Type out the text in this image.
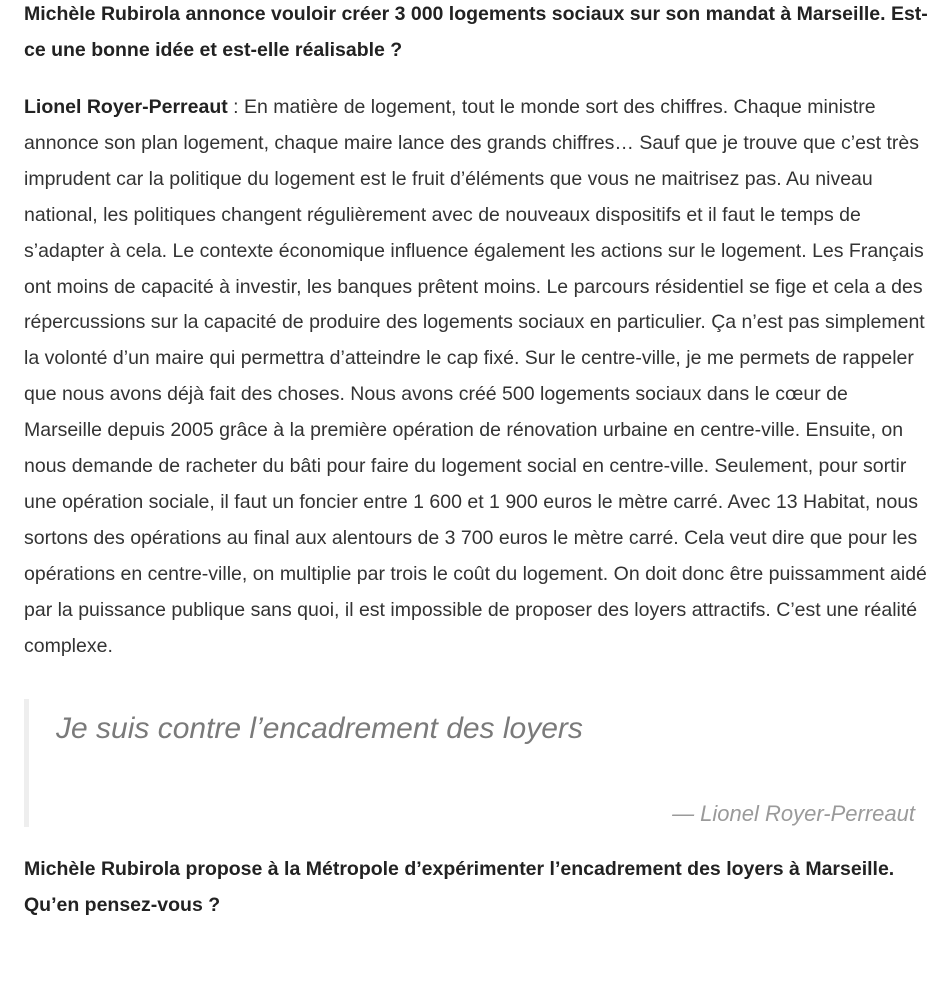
Michèle Rubirola annonce vouloir créer 3 000 logements sociaux sur son mandat à Marseille. Est-ce une bonne idée et est-elle réalisable ?

Lionel Royer-Perreaut : En matière de logement, tout le monde sort des chiffres. Chaque ministre annonce son plan logement, chaque maire lance des grands chiffres… Sauf que je trouve que c’est très imprudent car la politique du logement est le fruit d’éléments que vous ne maitrisez pas. Au niveau national, les politiques changent régulièrement avec de nouveaux dispositifs et il faut le temps de s’adapter à cela. Le contexte économique influence également les actions sur le logement. Les Français ont moins de capacité à investir, les banques prêtent moins. Le parcours résidentiel se fige et cela a des répercussions sur la capacité de produire des logements sociaux en particulier. Ça n’est pas simplement la volonté d’un maire qui permettra d’atteindre le cap fixé. Sur le centre-ville, je me permets de rappeler que nous avons déjà fait des choses. Nous avons créé 500 logements sociaux dans le cœur de Marseille depuis 2005 grâce à la première opération de rénovation urbaine en centre-ville. Ensuite, on nous demande de racheter du bâti pour faire du logement social en centre-ville. Seulement, pour sortir une opération sociale, il faut un foncier entre 1 600 et 1 900 euros le mètre carré. Avec 13 Habitat, nous sortons des opérations au final aux alentours de 3 700 euros le mètre carré. Cela veut dire que pour les opérations en centre-ville, on multiplie par trois le coût du logement. On doit donc être puissamment aidé par la puissance publique sans quoi, il est impossible de proposer des loyers attractifs. C’est une réalité complexe.

Je suis contre l’encadrement des loyers

— Lionel Royer-Perreaut

Michèle Rubirola propose à la Métropole d’expérimenter l’encadrement des loyers à Marseille. Qu’en pensez-vous ?
